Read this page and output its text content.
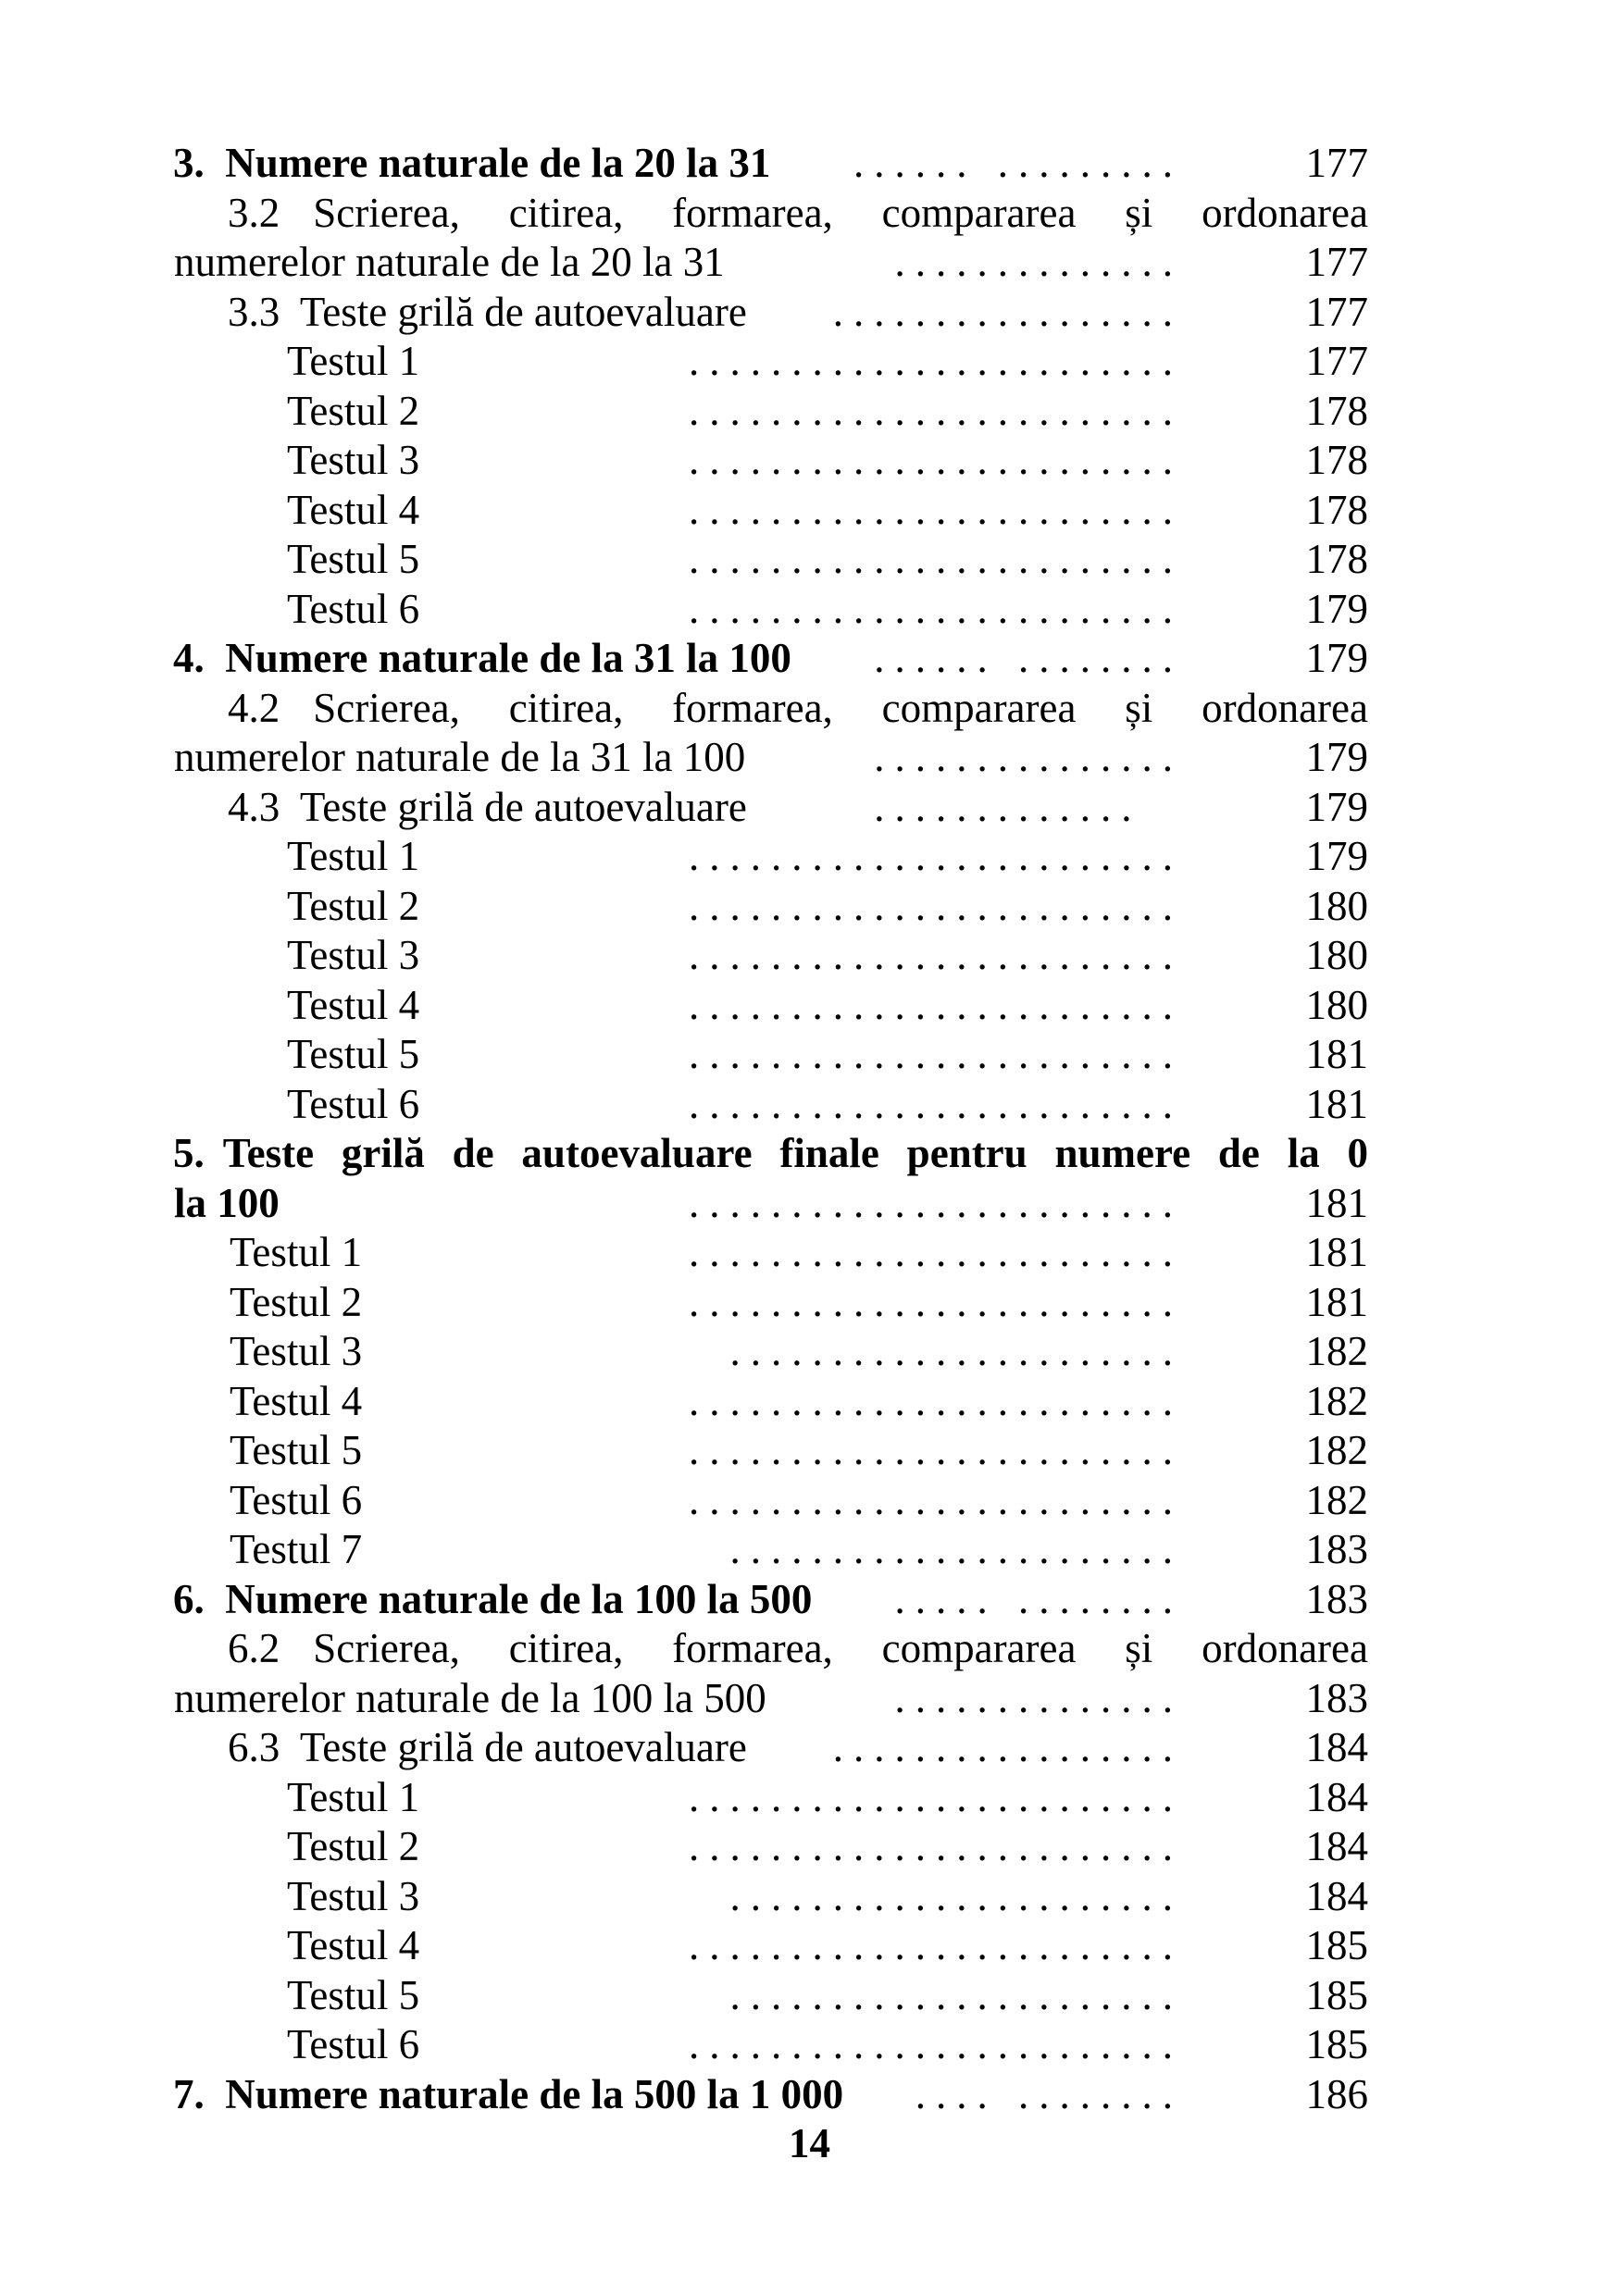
3.  Numere naturale de la 20 la 31 ...... .........	177
3.2 Scrierea, citirea, formarea, compararea și ordonarea
numerelor naturale de la 20 la 31	..............	177
3.3  Teste grilă de autoevaluare .................	177
Testul 1	........................	177
Testul 2	........................	178
Testul 3	........................	178
Testul 4	........................	178
Testul 5	........................	178
Testul 6	........................	179
4.  Numere naturale de la 31 la 100 ...... ........	179
4.2 Scrierea, citirea, formarea, compararea și ordonarea
numerelor naturale de la 31 la 100	...............	179
4.3  Teste grilă de autoevaluare	.............	179
Testul 1	........................	179
Testul 2	........................	180
Testul 3	........................	180
Testul 4	........................	180
Testul 5	........................	181
Testul 6	........................	181
5. Teste grilă de autoevaluare finale pentru numere de la 0
la 100	........................	181
Testul 1	........................	181
Testul 2	........................	181
Testul 3	......................	182
Testul 4	........................	182
Testul 5	........................	182
Testul 6	........................	182
Testul 7	......................	183
6.  Numere naturale de la 100 la 500 ..... ........	183
6.2 Scrierea, citirea, formarea, compararea și ordonarea
numerelor naturale de la 100 la 500	..............	183
6.3  Teste grilă de autoevaluare .................	184
Testul 1	........................	184
Testul 2	........................	184
Testul 3	......................	184
Testul 4	........................	185
Testul 5	......................	185
Testul 6	........................	185
7.  Numere naturale de la 500 la 1 000 .... ........	186
14
